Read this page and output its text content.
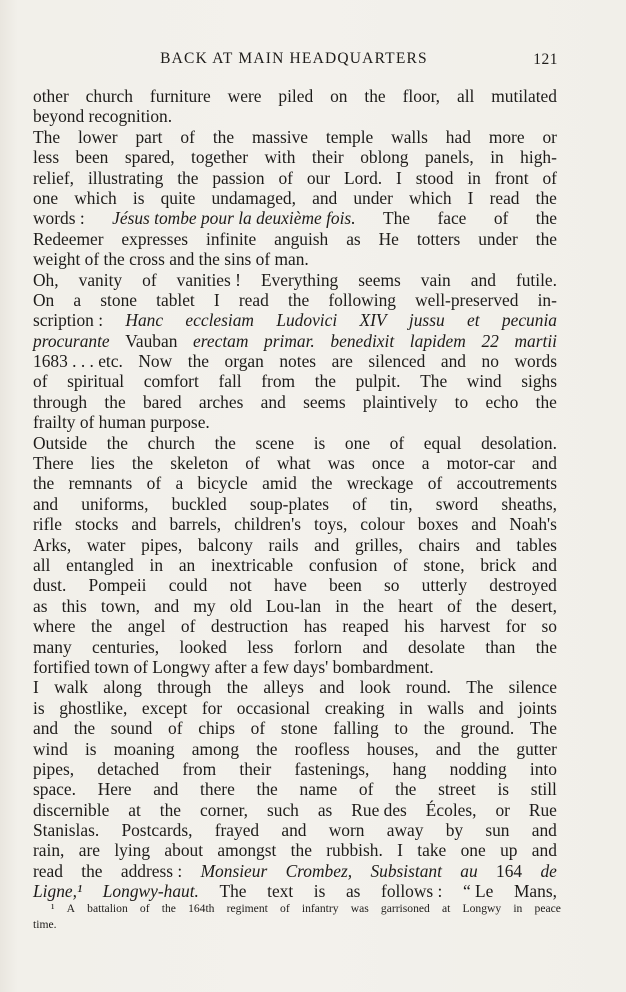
BACK AT MAIN HEADQUARTERS	121
other church furniture were piled on the floor, all mutilated
beyond recognition.
The lower part of the massive temple walls had more or
less been spared, together with their oblong panels, in high-
relief, illustrating the passion of our Lord. I stood in front of
one which is quite undamaged, and under which I read the
words : Jésus tombe pour la deuxième fois. The face of the
Redeemer expresses infinite anguish as He totters under the
weight of the cross and the sins of man.
Oh, vanity of vanities ! Everything seems vain and futile.
On a stone tablet I read the following well-preserved in-
scription : Hanc ecclesiam Ludovici XIV jussu et pecunia
procurante Vauban erectam primar. benedixit lapidem 22 martii
1683 . . . etc. Now the organ notes are silenced and no words
of spiritual comfort fall from the pulpit. The wind sighs
through the bared arches and seems plaintively to echo the
frailty of human purpose.
Outside the church the scene is one of equal desolation.
There lies the skeleton of what was once a motor-car and
the remnants of a bicycle amid the wreckage of accoutrements
and uniforms, buckled soup-plates of tin, sword sheaths,
rifle stocks and barrels, children's toys, colour boxes and Noah's
Arks, water pipes, balcony rails and grilles, chairs and tables
all entangled in an inextricable confusion of stone, brick and
dust. Pompeii could not have been so utterly destroyed
as this town, and my old Lou-lan in the heart of the desert,
where the angel of destruction has reaped his harvest for so
many centuries, looked less forlorn and desolate than the
fortified town of Longwy after a few days' bombardment.
I walk along through the alleys and look round. The silence
is ghostlike, except for occasional creaking in walls and joints
and the sound of chips of stone falling to the ground. The
wind is moaning among the roofless houses, and the gutter
pipes, detached from their fastenings, hang nodding into
space. Here and there the name of the street is still
discernible at the corner, such as Rue des Écoles, or Rue
Stanislas. Postcards, frayed and worn away by sun and
rain, are lying about amongst the rubbish. I take one up and
read the address : Monsieur Crombez, Subsistant au 164 de
Ligne,¹ Longwy-haut. The text is as follows : “ Le Mans,
¹ A battalion of the 164th regiment of infantry was garrisoned at Longwy in peace
time.
